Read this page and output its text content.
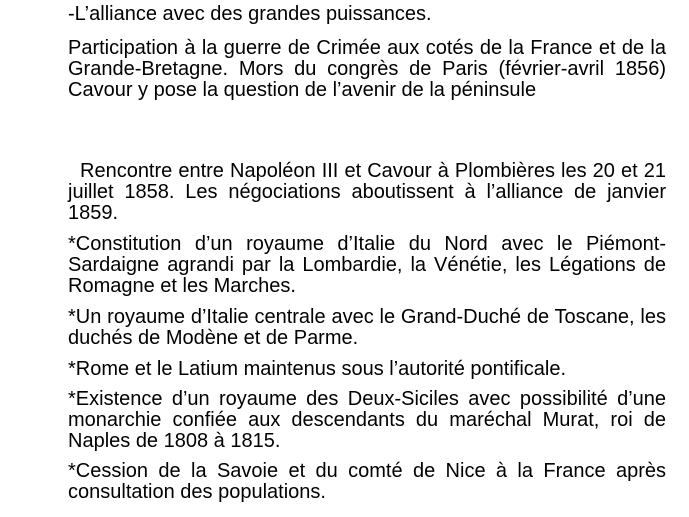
-L’alliance avec des grandes puissances.

Participation à la guerre de Crimée aux cotés de la France et de la Grande-Bretagne. Mors du congrès de Paris (février-avril 1856) Cavour y pose la question de l’avenir de la péninsule

Rencontre entre Napoléon III et Cavour à Plombières les 20 et 21 juillet 1858. Les négociations aboutissent à l’alliance de janvier 1859.

*Constitution d’un royaume d’Italie du Nord avec le Piémont-Sardaigne agrandi par la Lombardie, la Vénétie, les Légations de Romagne et les Marches.

*Un royaume d’Italie centrale avec le Grand-Duché de Toscane, les duchés de Modène et de Parme.

*Rome et le Latium maintenus sous l’autorité pontificale.

*Existence d’un royaume des Deux-Siciles avec possibilité d’une monarchie confiée aux descendants du maréchal Murat, roi de Naples de 1808 à 1815.

*Cession de la Savoie et du comté de Nice à la France après consultation des populations.
